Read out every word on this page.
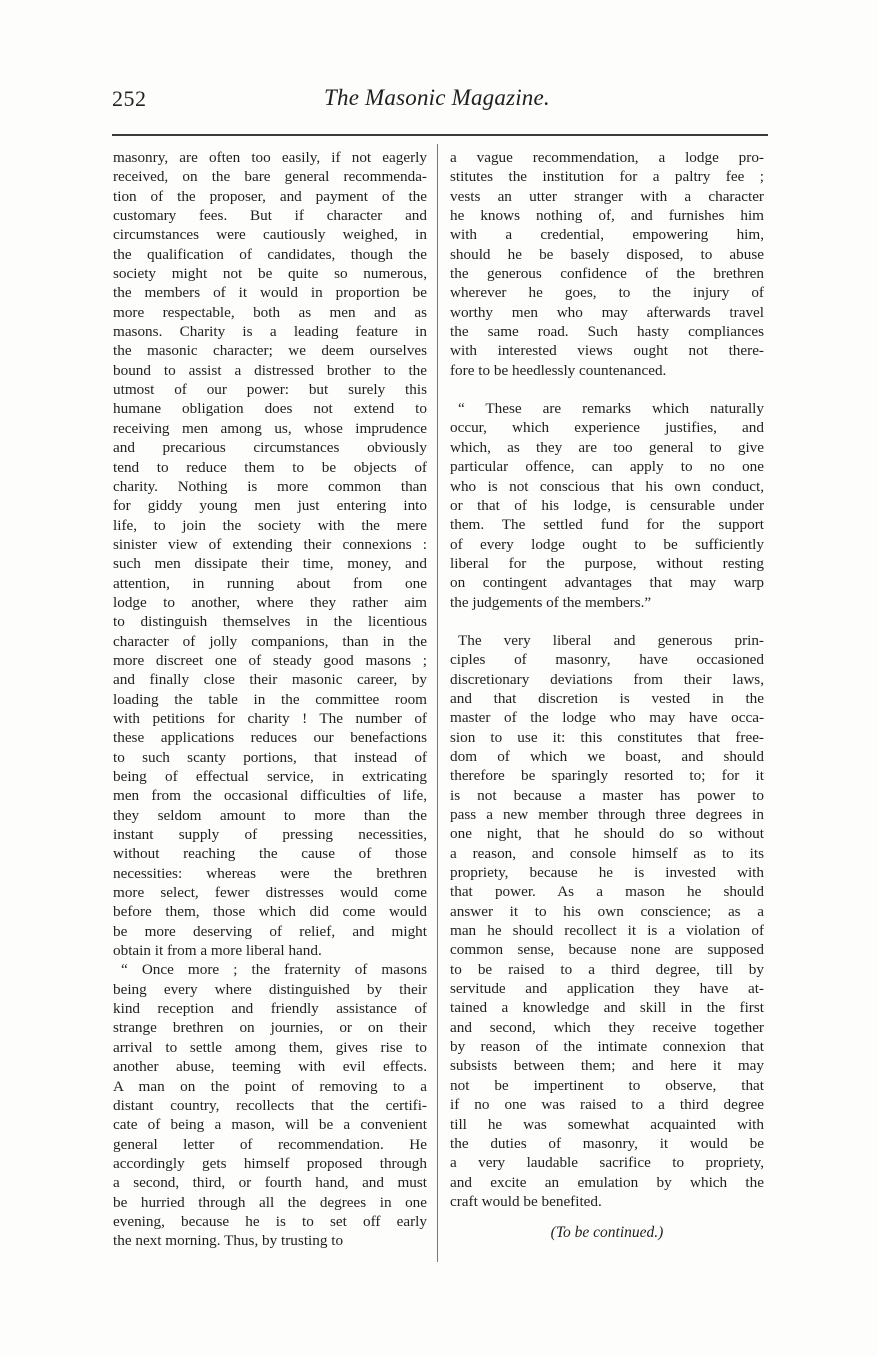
252	The Masonic Magazine.
masonry, are often too easily, if not eagerly
received, on the bare general recommenda-
tion of the proposer, and payment of the
customary fees. But if character and
circumstances were cautiously weighed, in
the qualification of candidates, though the
society might not be quite so numerous,
the members of it would in proportion be
more respectable, both as men and as
masons. Charity is a leading feature in
the masonic character; we deem ourselves
bound to assist a distressed brother to the
utmost of our power: but surely this
humane obligation does not extend to
receiving men among us, whose imprudence
and precarious circumstances obviously
tend to reduce them to be objects of
charity. Nothing is more common than
for giddy young men just entering into
life, to join the society with the mere
sinister view of extending their connexions :
such men dissipate their time, money, and
attention, in running about from one
lodge to another, where they rather aim
to distinguish themselves in the licentious
character of jolly companions, than in the
more discreet one of steady good masons ;
and finally close their masonic career, by
loading the table in the committee room
with petitions for charity ! The number of
these applications reduces our benefactions
to such scanty portions, that instead of
being of effectual service, in extricating
men from the occasional difficulties of life,
they seldom amount to more than the
instant supply of pressing necessities,
without reaching the cause of those
necessities: whereas were the brethren
more select, fewer distresses would come
before them, those which did come would
be more deserving of relief, and might
obtain it from a more liberal hand.
“ Once more ; the fraternity of masons
being every where distinguished by their
kind reception and friendly assistance of
strange brethren on journies, or on their
arrival to settle among them, gives rise to
another abuse, teeming with evil effects.
A man on the point of removing to a
distant country, recollects that the certifi-
cate of being a mason, will be a convenient
general letter of recommendation. He
accordingly gets himself proposed through
a second, third, or fourth hand, and must
be hurried through all the degrees in one
evening, because he is to set off early
the next morning. Thus, by trusting to
a vague recommendation, a lodge pro-
stitutes the institution for a paltry fee ;
vests an utter stranger with a character
he knows nothing of, and furnishes him
with a credential, empowering him,
should he be basely disposed, to abuse
the generous confidence of the brethren
wherever he goes, to the injury of
worthy men who may afterwards travel
the same road. Such hasty compliances
with interested views ought not there-
fore to be heedlessly countenanced.
“ These are remarks which naturally
occur, which experience justifies, and
which, as they are too general to give
particular offence, can apply to no one
who is not conscious that his own conduct,
or that of his lodge, is censurable under
them. The settled fund for the support
of every lodge ought to be sufficiently
liberal for the purpose, without resting
on contingent advantages that may warp
the judgements of the members.”
The very liberal and generous prin-
ciples of masonry, have occasioned
discretionary deviations from their laws,
and that discretion is vested in the
master of the lodge who may have occa-
sion to use it: this constitutes that free-
dom of which we boast, and should
therefore be sparingly resorted to; for it
is not because a master has power to
pass a new member through three degrees in
one night, that he should do so without
a reason, and console himself as to its
propriety, because he is invested with
that power. As a mason he should
answer it to his own conscience; as a
man he should recollect it is a violation of
common sense, because none are supposed
to be raised to a third degree, till by
servitude and application they have at-
tained a knowledge and skill in the first
and second, which they receive together
by reason of the intimate connexion that
subsists between them; and here it may
not be impertinent to observe, that
if no one was raised to a third degree
till he was somewhat acquainted with
the duties of masonry, it would be
a very laudable sacrifice to propriety,
and excite an emulation by which the
craft would be benefited.
(To be continued.)
